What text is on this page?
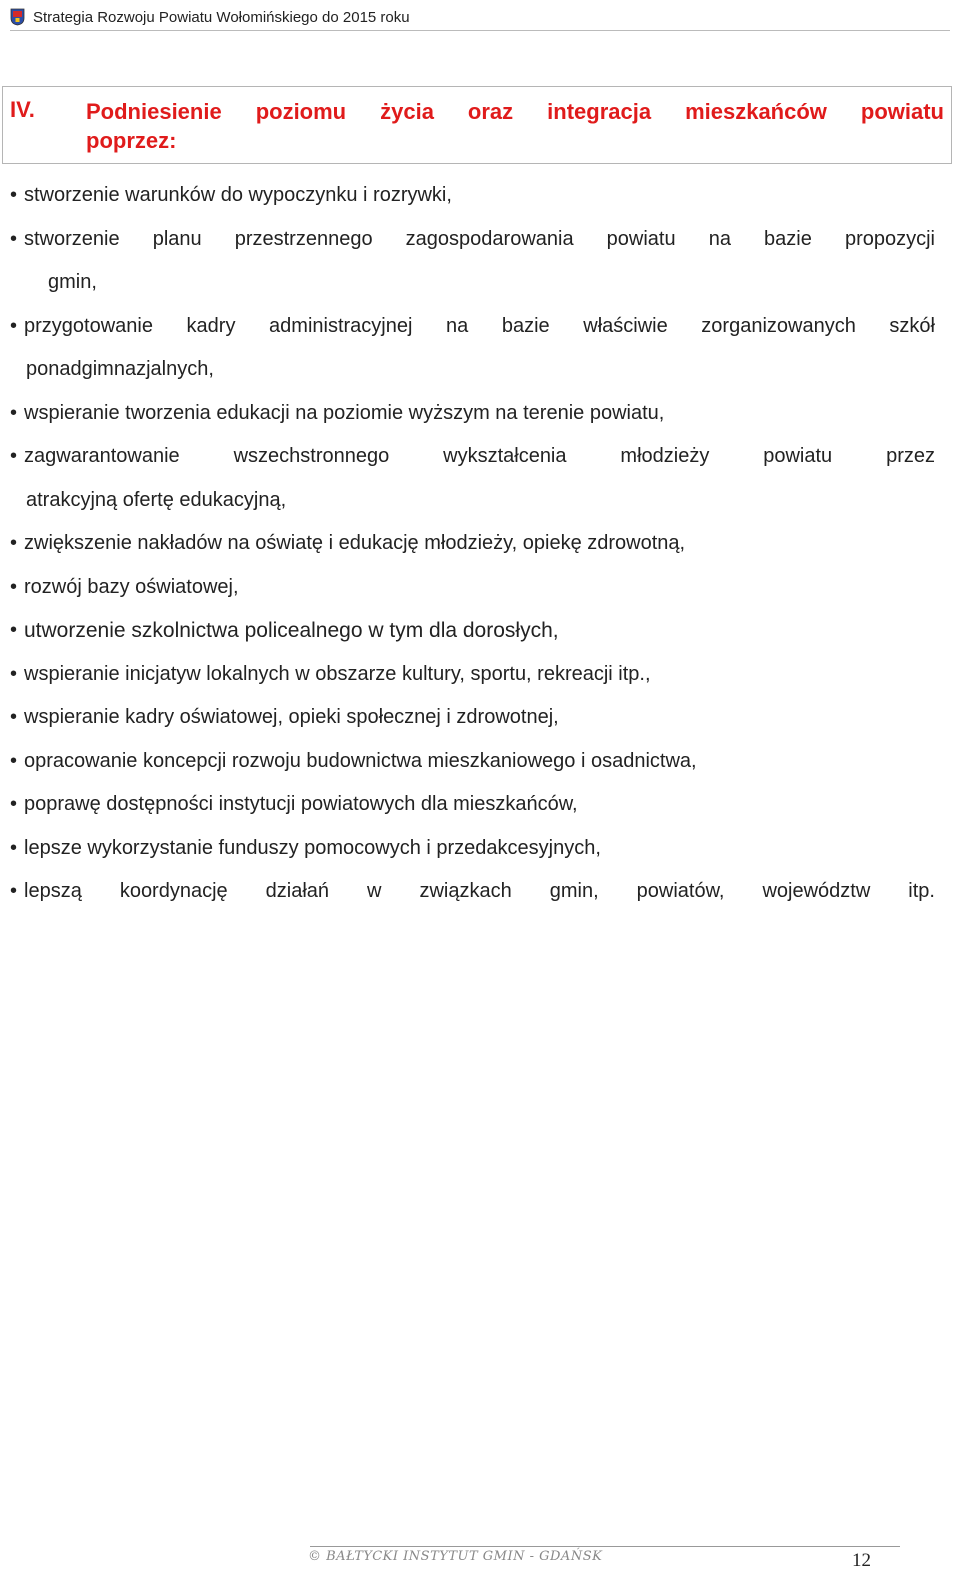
Strategia Rozwoju Powiatu Wołomińskiego do 2015 roku
IV. Podniesienie poziomu życia oraz integracja mieszkańców powiatu
poprzez:
• stworzenie warunków do wypoczynku i rozrywki,
• stworzenie planu przestrzennego zagospodarowania powiatu na bazie propozycji
gmin,
• przygotowanie kadry administracyjnej na bazie właściwie zorganizowanych szkół
ponadgimnazjalnych,
• wspieranie tworzenia edukacji na poziomie wyższym na terenie powiatu,
• zagwarantowanie wszechstronnego wykształcenia młodzieży powiatu przez
atrakcyjną ofertę edukacyjną,
• zwiększenie nakładów na oświatę i edukację młodzieży, opiekę zdrowotną,
• rozwój bazy oświatowej,
• utworzenie szkolnictwa policealnego w tym dla dorosłych,
• wspieranie inicjatyw lokalnych w obszarze kultury, sportu, rekreacji itp.,
• wspieranie kadry oświatowej, opieki społecznej i zdrowotnej,
• opracowanie koncepcji rozwoju budownictwa mieszkaniowego i osadnictwa,
• poprawę dostępności instytucji powiatowych dla mieszkańców,
• lepsze wykorzystanie funduszy pomocowych i przedakcesyjnych,
• lepszą koordynację działań w związkach gmin, powiatów, województw itp.
© BAŁTYCKI INSTYTUT GMIN - GDAŃSK	12
